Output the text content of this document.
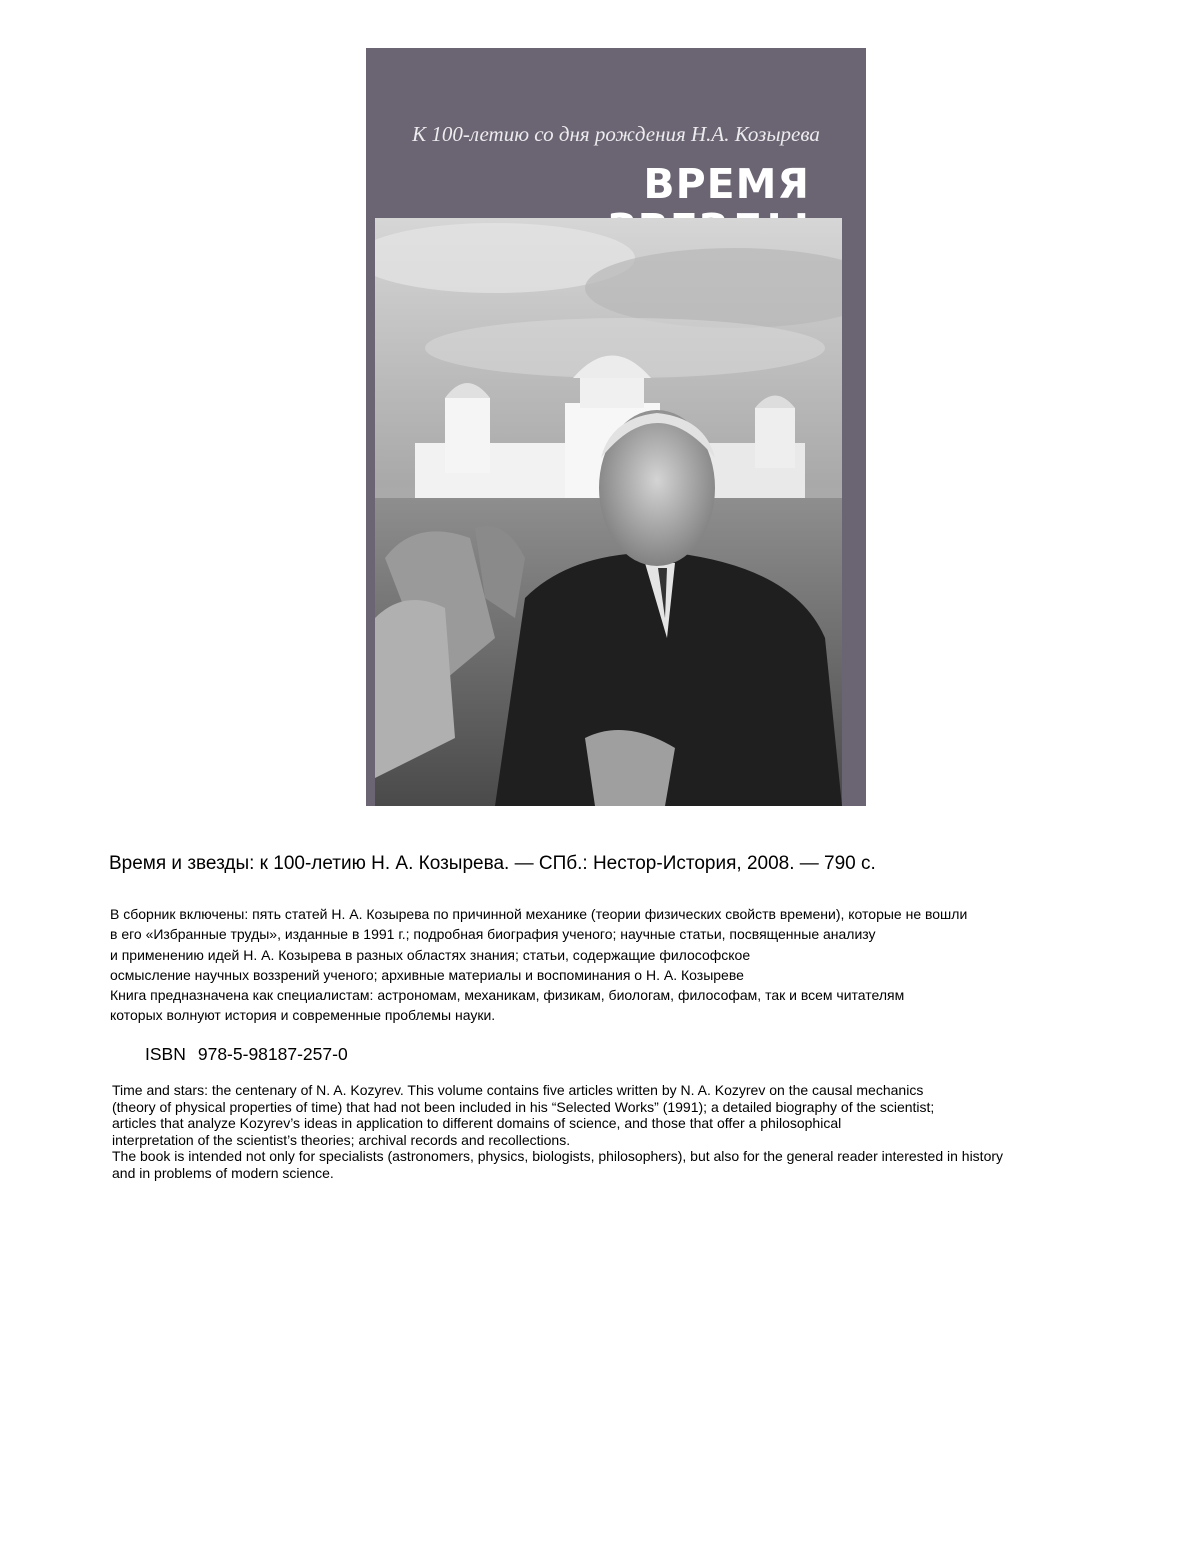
К 100-летию со дня рождения Н.А. Козырева
ВРЕМЯ
Время и звезды: к 100-летию Н. А. Козырева. — СПб.: Нестор-История, 2008. — 790 с.
В сборник включены: пять статей Н. А. Козырева по причинной механике (теории физических свойств времени), которые не вошли
в его «Избранные труды», изданные в 1991 г.; подробная биография ученого; научные статьи, посвященные анализу
и применению идей Н. А. Козырева в разных областях знания; статьи, содержащие философское
осмысление научных воззрений ученого; архивные материалы и воспоминания о Н. А. Козыреве
Книга предназначена как специалистам: астрономам, механикам, физикам, биологам, философам, так и всем читателям
которых волнуют история и современные проблемы науки.
ISBN 978-5-98187-257-0
Time and stars: the centenary of N. A. Kozyrev. This volume contains five articles written by N. A. Kozyrev on the causal mechanics
(theory of physical properties of time) that had not been included in his “Selected Works” (1991); a detailed biography of the scientist;
articles that analyze Kozyrev’s ideas in application to different domains of science, and those that offer a philosophical
interpretation of the scientist’s theories; archival records and recollections.
The book is intended not only for specialists (astronomers, physics, biologists, philosophers), but also for the general reader interested in history
and in problems of modern science.
